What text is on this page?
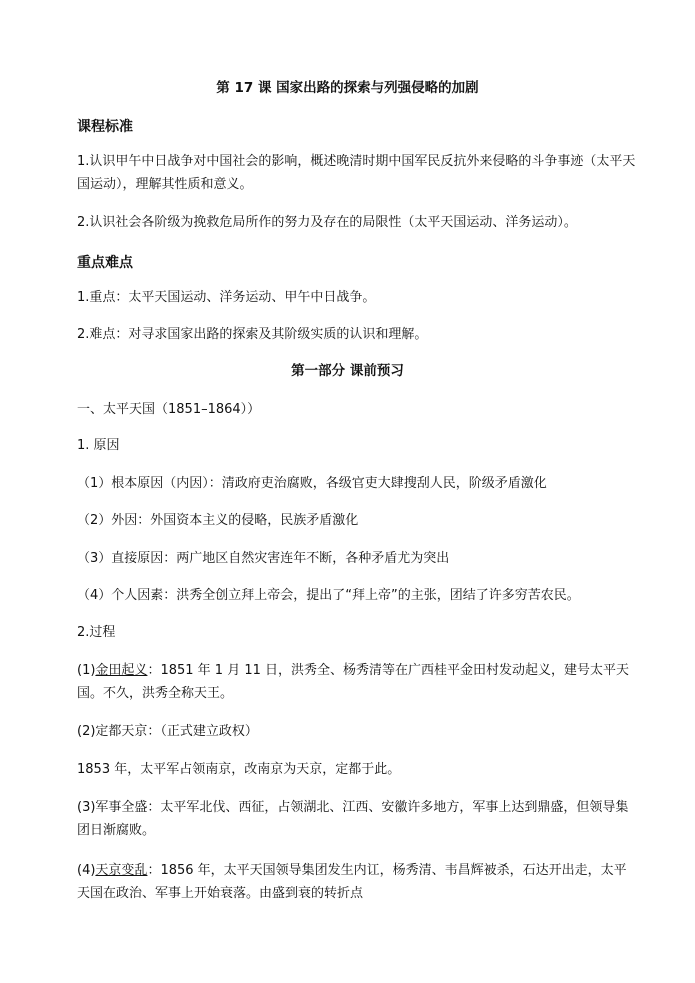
第 17 课 国家出路的探索与列强侵略的加剧
课程标准
1.认识甲午中日战争对中国社会的影响，概述晚清时期中国军民反抗外来侵略的斗争事迹（太平天国运动），理解其性质和意义。
2.认识社会各阶级为挽救危局所作的努力及存在的局限性（太平天国运动、洋务运动）。
重点难点
1.重点：太平天国运动、洋务运动、甲午中日战争。
2.难点：对寻求国家出路的探索及其阶级实质的认识和理解。
第一部分 课前预习
一、太平天国（1851–1864））
1. 原因
（1）根本原因（内因）：清政府吏治腐败，各级官吏大肆搜刮人民，阶级矛盾激化
（2）外因：外国资本主义的侵略，民族矛盾激化
（3）直接原因：两广地区自然灾害连年不断，各种矛盾尤为突出
（4）个人因素：洪秀全创立拜上帝会，提出了“拜上帝”的主张，团结了许多穷苦农民。
2.过程
(1)金田起义：1851 年 1 月 11 日，洪秀全、杨秀清等在广西桂平金田村发动起义，建号太平天国。不久，洪秀全称天王。
(2)定都天京：（正式建立政权）
1853 年，太平军占领南京，改南京为天京，定都于此。
(3)军事全盛：太平军北伐、西征，占领湖北、江西、安徽许多地方，军事上达到鼎盛，但领导集团日渐腐败。
(4)天京变乱：1856 年，太平天国领导集团发生内讧，杨秀清、韦昌辉被杀，石达开出走，太平天国在政治、军事上开始衰落。由盛到衰的转折点
